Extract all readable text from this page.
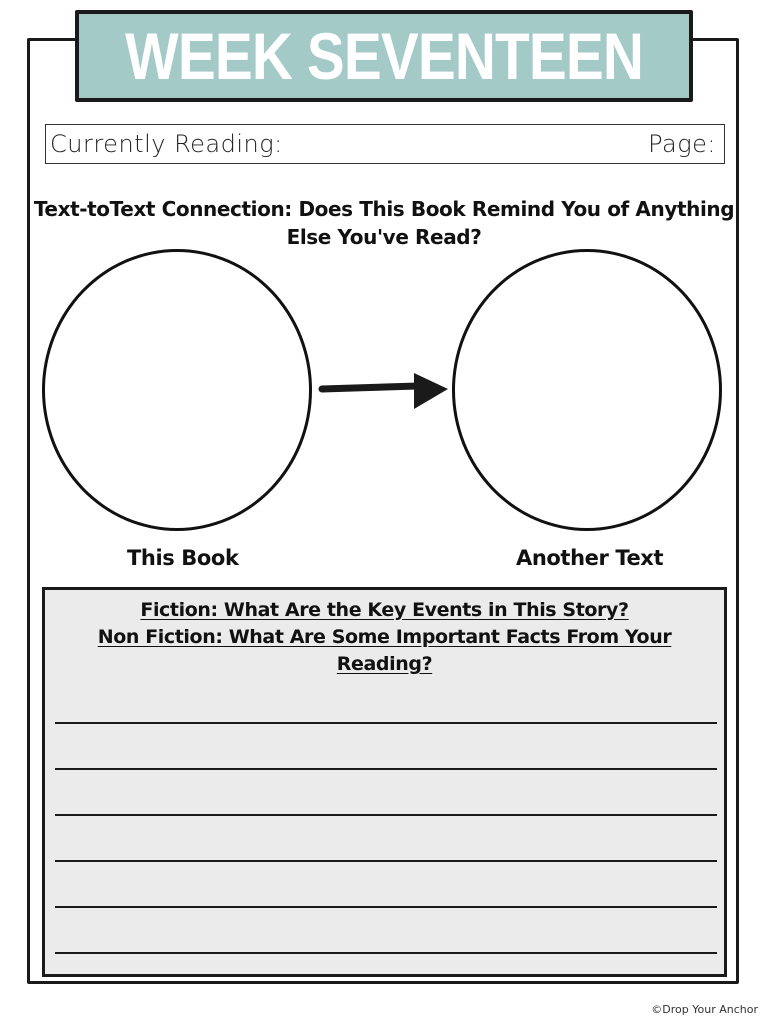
WEEK SEVENTEEN
Currently Reading:	Page:
Text-toText Connection: Does This Book Remind You of Anything
Else You've Read?
This Book	Another Text
Fiction: What Are the Key Events in This Story?
Non Fiction: What Are Some Important Facts From Your
Reading?
©Drop Your Anchor
